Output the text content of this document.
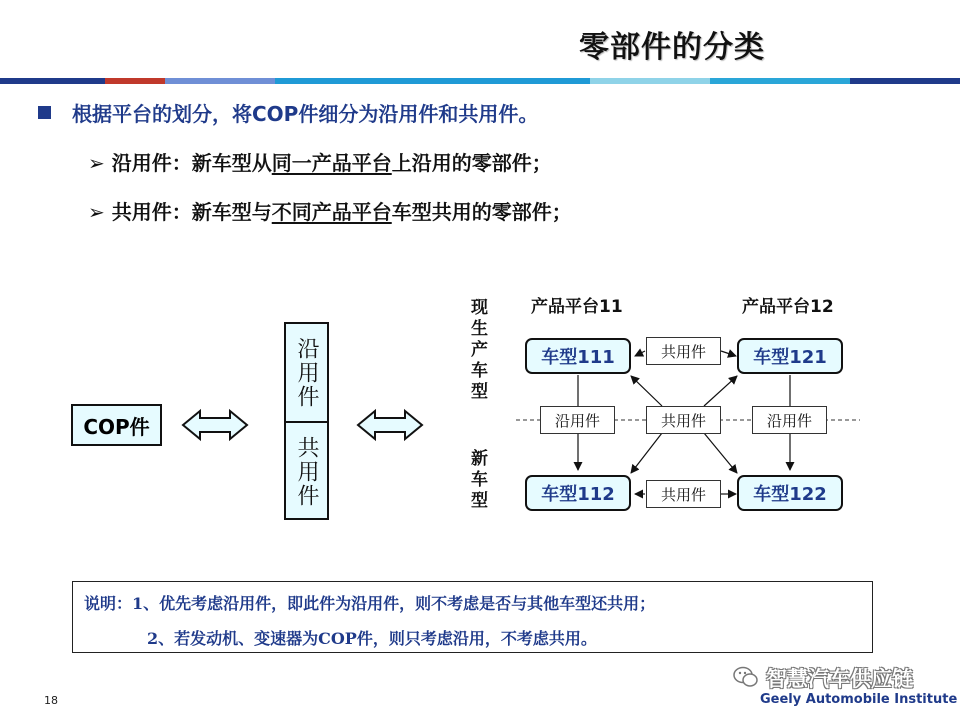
零部件的分类
根据平台的划分，将COP件细分为沿用件和共用件。
➢ 沿用件：新车型从同一产品平台上沿用的零部件；
➢ 共用件：新车型与不同产品平台车型共用的零部件；
COP件
沿用件
共用件
现生产车型
新车型
产品平台11	产品平台12
车型111	车型121
车型112	车型122
共用件
沿用件	共用件	沿用件
共用件
说明：1、优先考虑沿用件，即此件为沿用件，则不考虑是否与其他车型还共用；
2、若发动机、变速器为COP件，则只考虑沿用，不考虑共用。
18
智慧汽车供应链
Geely Automobile Institute
